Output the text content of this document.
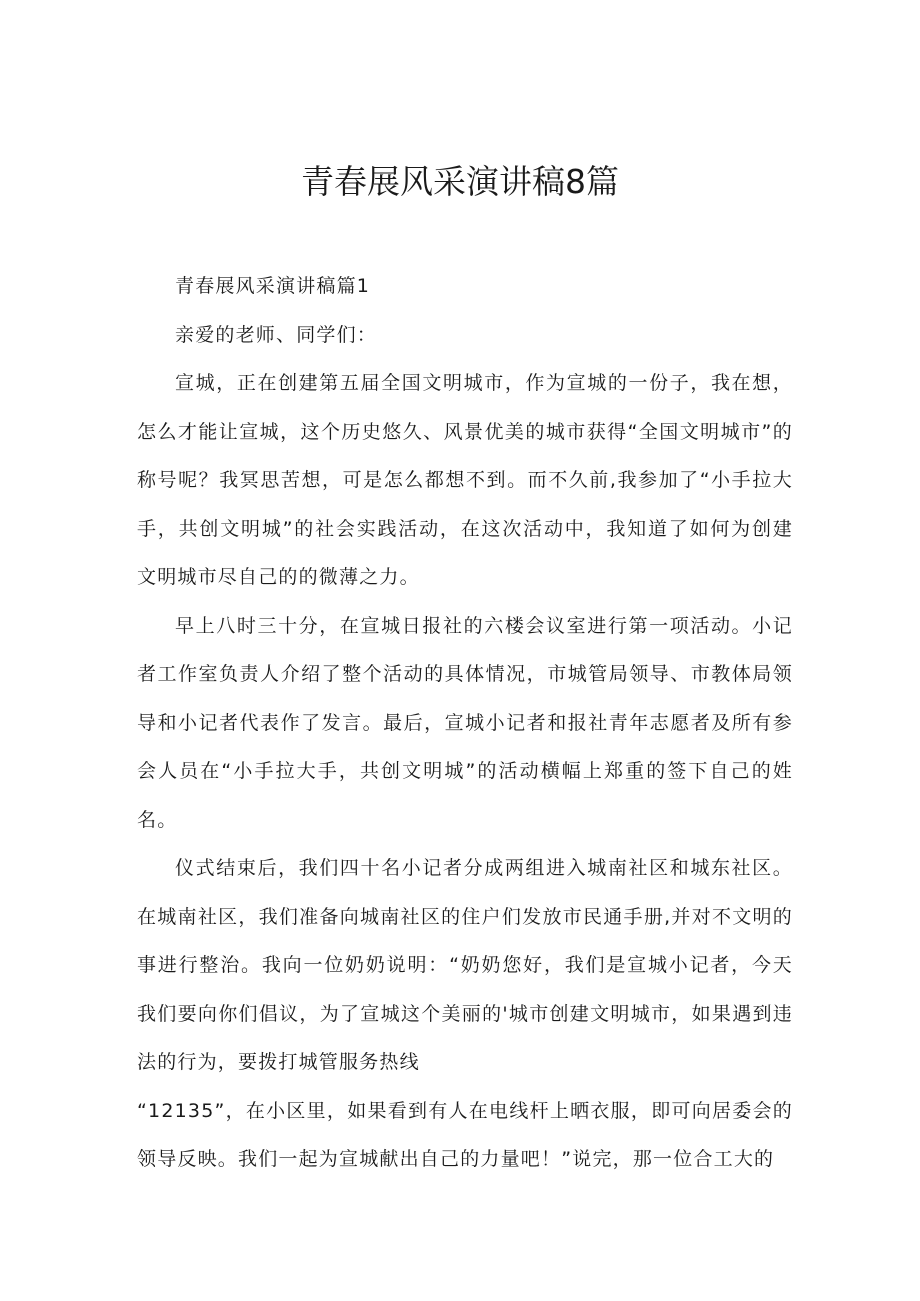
青春展风采演讲稿8篇

青春展风采演讲稿篇1

亲爱的老师、同学们：

宣城，正在创建第五届全国文明城市，作为宣城的一份子，我在想，怎么才能让宣城，这个历史悠久、风景优美的城市获得“全国文明城市”的称号呢？我冥思苦想，可是怎么都想不到。而不久前,我参加了“小手拉大手，共创文明城”的社会实践活动，在这次活动中，我知道了如何为创建文明城市尽自己的的微薄之力。

早上八时三十分，在宣城日报社的六楼会议室进行第一项活动。小记者工作室负责人介绍了整个活动的具体情况，市城管局领导、市教体局领导和小记者代表作了发言。最后，宣城小记者和报社青年志愿者及所有参会人员在“小手拉大手，共创文明城”的活动横幅上郑重的签下自己的姓名。

仪式结束后，我们四十名小记者分成两组进入城南社区和城东社区。在城南社区，我们准备向城南社区的住户们发放市民通手册,并对不文明的事进行整治。我向一位奶奶说明：“奶奶您好，我们是宣城小记者，今天我们要向你们倡议，为了宣城这个美丽的'城市创建文明城市，如果遇到违法的行为，要拨打城管服务热线

“12135”，在小区里，如果看到有人在电线杆上晒衣服，即可向居委会的领导反映。我们一起为宣城献出自己的力量吧！”说完，那一位合工大的
